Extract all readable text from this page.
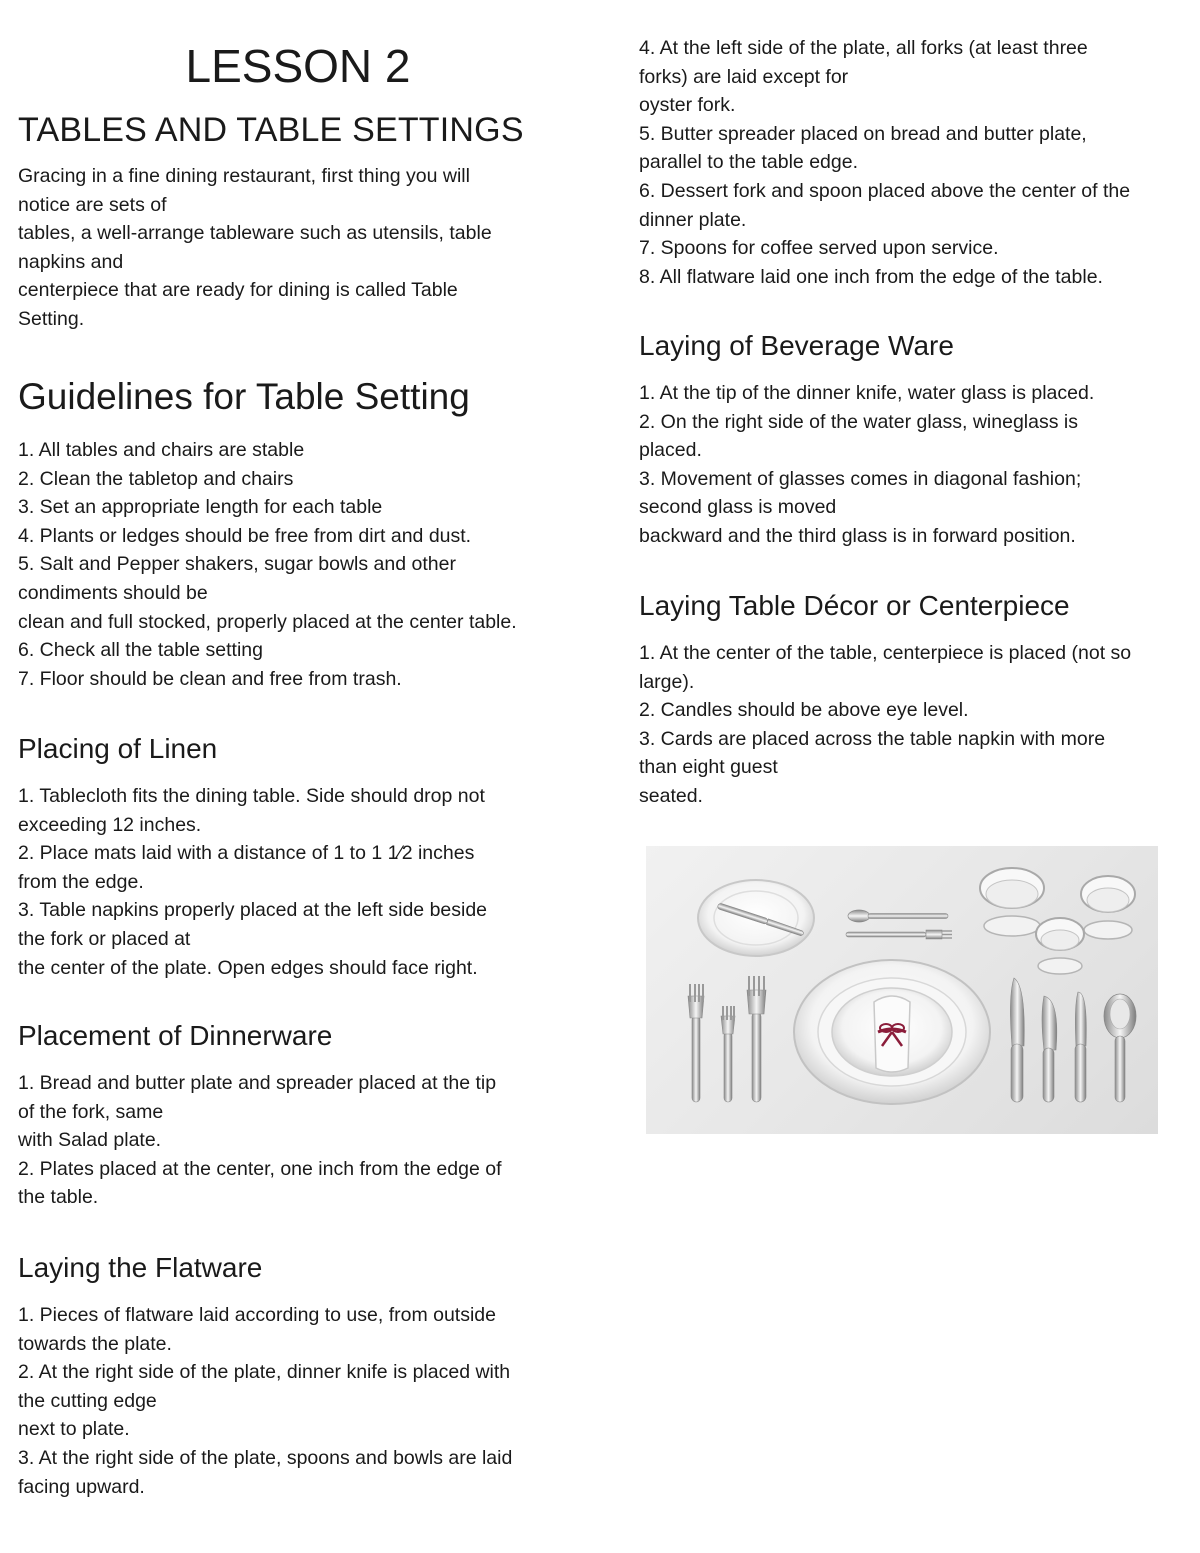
LESSON 2
TABLES AND TABLE SETTINGS

Gracing in a fine dining restaurant, first thing you will
notice are sets of
tables, a well-arrange tableware such as utensils, table
napkins and
centerpiece that are ready for dining is called Table
Setting.

Guidelines for Table Setting

1. All tables and chairs are stable
2. Clean the tabletop and chairs
3. Set an appropriate length for each table
4. Plants or ledges should be free from dirt and dust.
5. Salt and Pepper shakers, sugar bowls and other
condiments should be
clean and full stocked, properly placed at the center table.
6. Check all the table setting
7. Floor should be clean and free from trash.

Placing of Linen

1. Tablecloth fits the dining table. Side should drop not
exceeding 12 inches.
2. Place mats laid with a distance of 1 to 1 1⁄2 inches
from the edge.
3. Table napkins properly placed at the left side beside
the fork or placed at
the center of the plate. Open edges should face right.

Placement of Dinnerware

1. Bread and butter plate and spreader placed at the tip
of the fork, same
with Salad plate.
2. Plates placed at the center, one inch from the edge of
the table.

Laying the Flatware

1. Pieces of flatware laid according to use, from outside
towards the plate.
2. At the right side of the plate, dinner knife is placed with
the cutting edge
next to plate.
3. At the right side of the plate, spoons and bowls are laid
facing upward.

4. At the left side of the plate, all forks (at least three
forks) are laid except for
oyster fork.
5. Butter spreader placed on bread and butter plate,
parallel to the table edge.
6. Dessert fork and spoon placed above the center of the
dinner plate.
7. Spoons for coffee served upon service.
8. All flatware laid one inch from the edge of the table.

Laying of Beverage Ware

1. At the tip of the dinner knife, water glass is placed.
2. On the right side of the water glass, wineglass is
placed.
3. Movement of glasses comes in diagonal fashion;
second glass is moved
backward and the third glass is in forward position.

Laying Table Décor or Centerpiece

1. At the center of the table, centerpiece is placed (not so
large).
2. Candles should be above eye level.
3. Cards are placed across the table napkin with more
than eight guest
seated.
